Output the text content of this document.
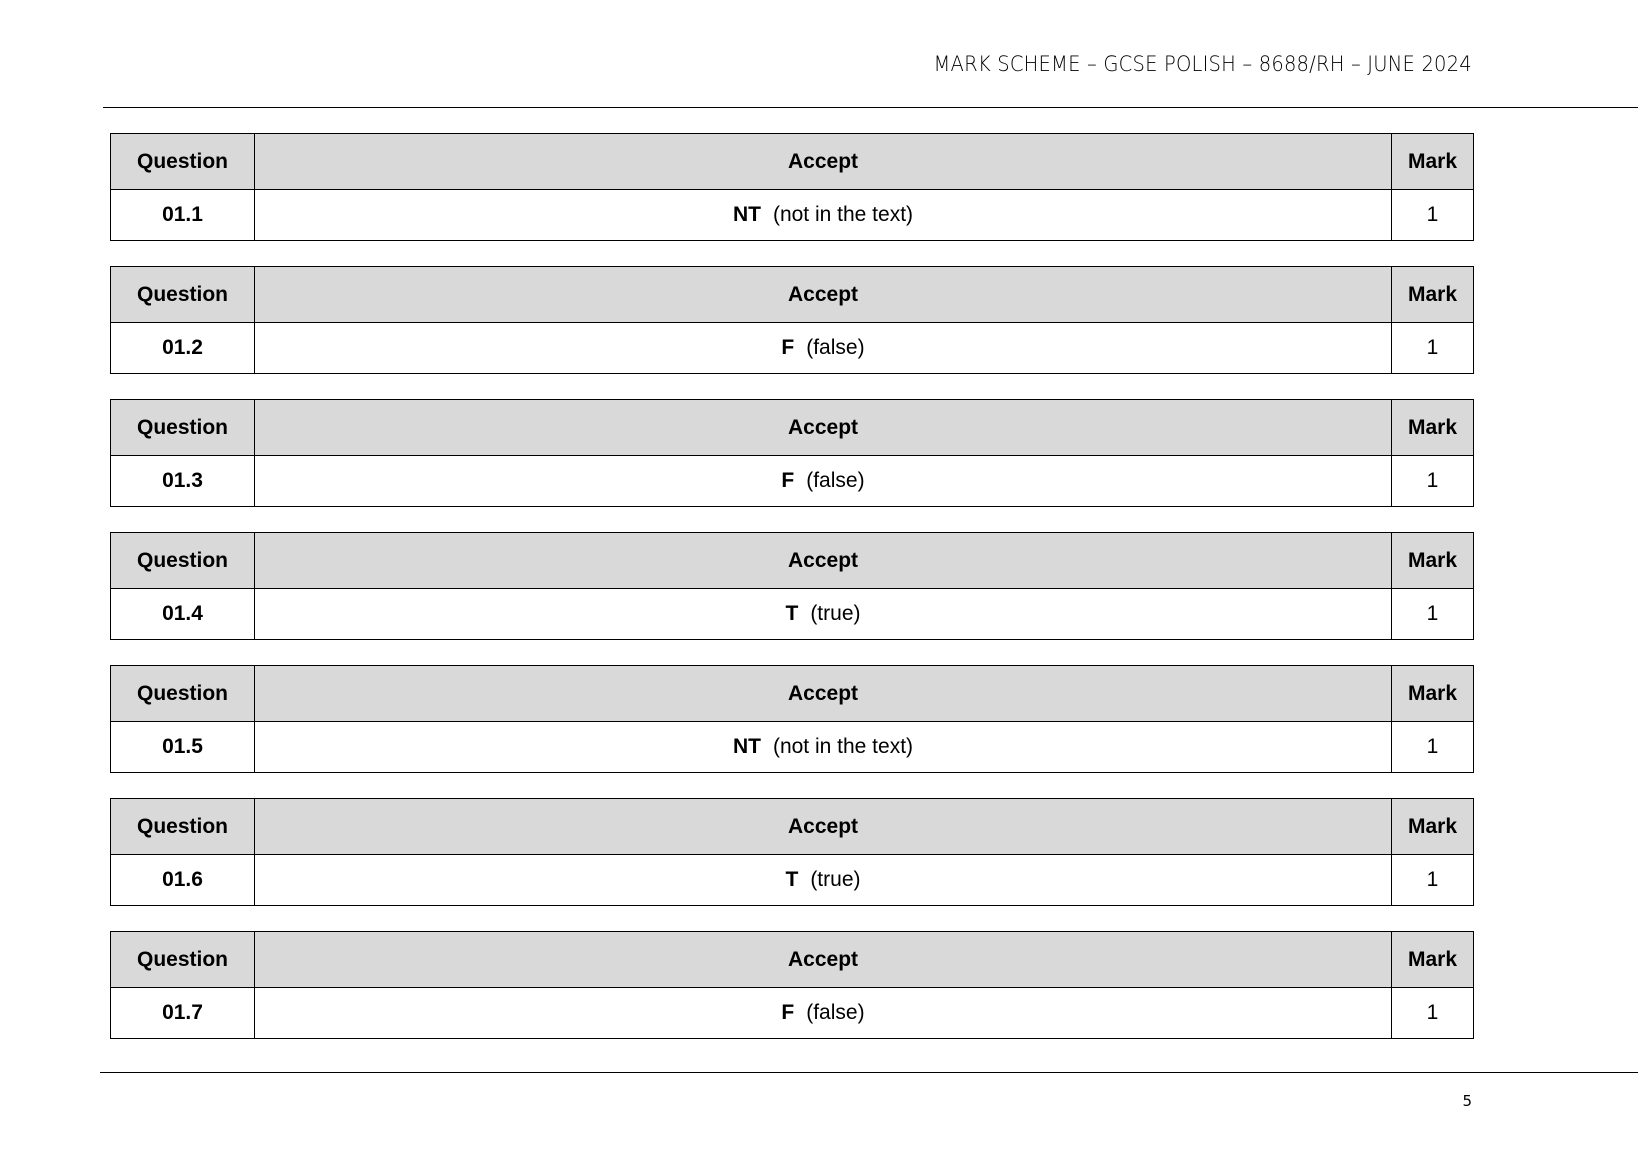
MARK SCHEME – GCSE POLISH – 8688/RH – JUNE 2024
Question	Accept	Mark
01.1	NT (not in the text)	1
Question	Accept	Mark
01.2	F (false)	1
Question	Accept	Mark
01.3	F (false)	1
Question	Accept	Mark
01.4	T (true)	1
Question	Accept	Mark
01.5	NT (not in the text)	1
Question	Accept	Mark
01.6	T (true)	1
Question	Accept	Mark
01.7	F (false)	1
5
